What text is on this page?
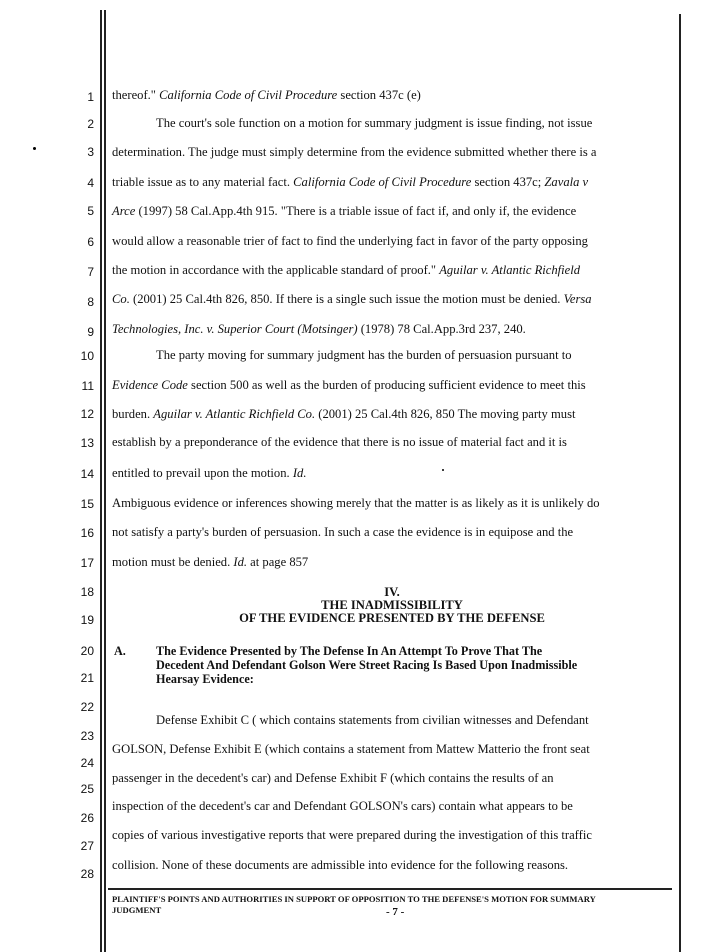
1
2
3
4
5
6
7
8
9
10
11
12
13
14
15
16
17
18
19
20
21
22
23
24
25
26
27
28
thereof." California Code of Civil Procedure section 437c (e)
The court's sole function on a motion for summary judgment is issue finding, not issue
determination. The judge must simply determine from the evidence submitted whether there is a
triable issue as to any material fact. California Code of Civil Procedure section 437c; Zavala v
Arce (1997) 58 Cal.App.4th 915. "There is a triable issue of fact if, and only if, the evidence
would allow a reasonable trier of fact to find the underlying fact in favor of the party opposing
the motion in accordance with the applicable standard of proof." Aguilar v. Atlantic Richfield
Co. (2001) 25 Cal.4th 826, 850. If there is a single such issue the motion must be denied. Versa
Technologies, Inc. v. Superior Court (Motsinger) (1978) 78 Cal.App.3rd 237, 240.
The party moving for summary judgment has the burden of persuasion pursuant to
Evidence Code section 500 as well as the burden of producing sufficient evidence to meet this
burden. Aguilar v. Atlantic Richfield Co. (2001) 25 Cal.4th 826, 850 The moving party must
establish by a preponderance of the evidence that there is no issue of material fact and it is
entitled to prevail upon the motion. Id.
Ambiguous evidence or inferences showing merely that the matter is as likely as it is unlikely do
not satisfy a party's burden of persuasion. In such a case the evidence is in equipose and the
motion must be denied. Id. at page 857
Defense Exhibit C ( which contains statements from civilian witnesses and Defendant
GOLSON, Defense Exhibit E (which contains a statement from Mattew Matterio the front seat
passenger in the decedent's car) and Defense Exhibit F (which contains the results of an
inspection of the decedent's car and Defendant GOLSON's cars) contain what appears to be
copies of various investigative reports that were prepared during the investigation of this traffic
collision. None of these documents are admissible into evidence for the following reasons.
IV.
THE INADMISSIBILITY
OF THE EVIDENCE PRESENTED BY THE DEFENSE
A. The Evidence Presented by The Defense In An Attempt To Prove That The
Decedent And Defendant Golson Were Street Racing Is Based Upon Inadmissible
Hearsay Evidence:
PLAINTIFF'S POINTS AND AUTHORITIES IN SUPPORT OF OPPOSITION TO THE DEFENSE'S MOTION FOR SUMMARY
JUDGMENT	- 7 -
